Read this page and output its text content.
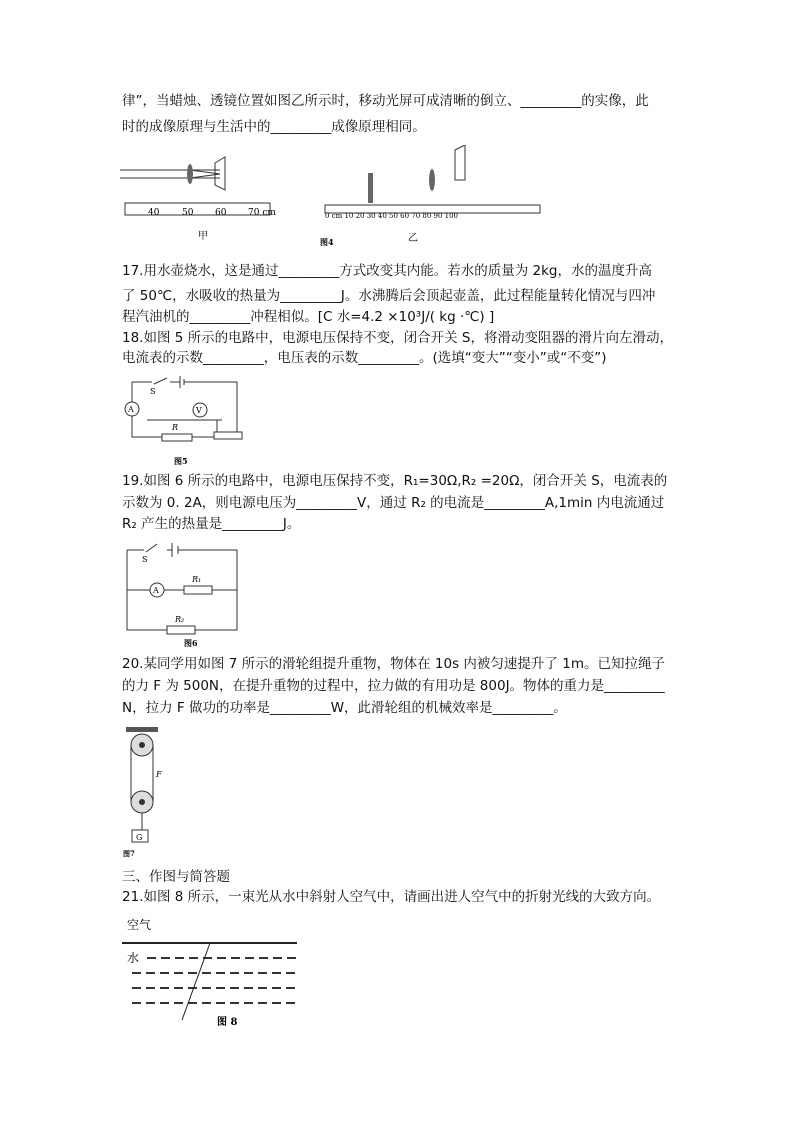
律”，当蜡烛、透镜位置如图乙所示时，移动光屏可成清晰的倒立、_________的实像，此
时的成像原理与生活中的_________成像原理相同。
40	50 60 70 cm
甲
0 cm 10 20 30 40 50 60 70 80 90 100
乙
图4
17.用水壶烧水，这是通过_________方式改变其内能。若水的质量为 2kg，水的温度升高
了 50℃，水吸收的热量为_________J。水沸腾后会顶起壶盖，此过程能量转化情况与四冲
程汽油机的_________冲程相似。[C 水=4.2 ×10³J/( kg ·℃) ]
18.如图 5 所示的电路中，电源电压保持不变，闭合开关 S，将滑动变阻器的滑片向左滑动，
电流表的示数_________，电压表的示数_________。(选填“变大”“变小”或“不变”)
A	V
R
S
图5
19.如图 6 所示的电路中，电源电压保持不变，R₁=30Ω,R₂ =20Ω，闭合开关 S，电流表的
示数为 0. 2A，则电源电压为_________V，通过 R₂ 的电流是_________A,1min 内电流通过
R₂ 产生的热量是_________J。
A
R₁
R₂
S
图6
20.某同学用如图 7 所示的滑轮组提升重物，物体在 10s 内被匀速提升了 1m。已知拉绳子
的力 F 为 500N，在提升重物的过程中，拉力做的有用功是 800J。物体的重力是_________
N，拉力 F 做功的功率是_________W，此滑轮组的机械效率是_________。
G
F
图7
三、作图与简答题
21.如图 8 所示，一束光从水中斜射人空气中，请画出进人空气中的折射光线的大致方向。
空气
水
图 8
